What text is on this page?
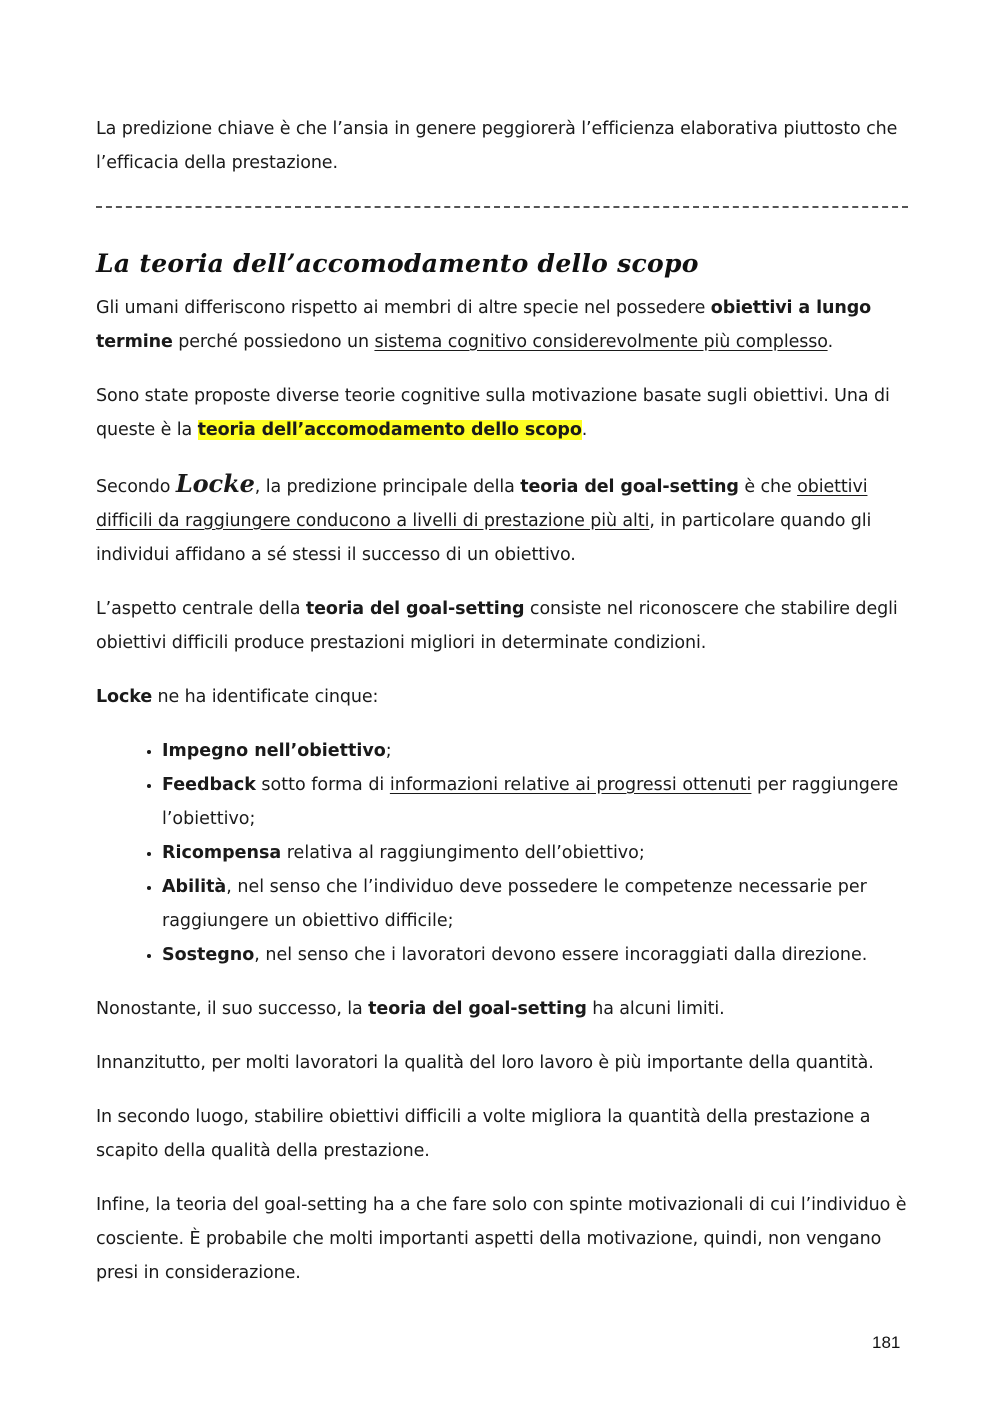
La predizione chiave è che l’ansia in genere peggiorerà l’efficienza elaborativa piuttosto che l’efficacia della prestazione.

La teoria dell’accomodamento dello scopo

Gli umani differiscono rispetto ai membri di altre specie nel possedere obiettivi a lungo termine perché possiedono un sistema cognitivo considerevolmente più complesso.

Sono state proposte diverse teorie cognitive sulla motivazione basate sugli obiettivi. Una di queste è la teoria dell’accomodamento dello scopo.

Secondo Locke, la predizione principale della teoria del goal-setting è che obiettivi difficili da raggiungere conducono a livelli di prestazione più alti, in particolare quando gli individui affidano a sé stessi il successo di un obiettivo.

L’aspetto centrale della teoria del goal-setting consiste nel riconoscere che stabilire degli obiettivi difficili produce prestazioni migliori in determinate condizioni.

Locke ne ha identificate cinque:

• Impegno nell’obiettivo;
• Feedback sotto forma di informazioni relative ai progressi ottenuti per raggiungere l’obiettivo;
• Ricompensa relativa al raggiungimento dell’obiettivo;
• Abilità, nel senso che l’individuo deve possedere le competenze necessarie per raggiungere un obiettivo difficile;
• Sostegno, nel senso che i lavoratori devono essere incoraggiati dalla direzione.

Nonostante, il suo successo, la teoria del goal-setting ha alcuni limiti.

Innanzitutto, per molti lavoratori la qualità del loro lavoro è più importante della quantità.

In secondo luogo, stabilire obiettivi difficili a volte migliora la quantità della prestazione a scapito della qualità della prestazione.

Infine, la teoria del goal-setting ha a che fare solo con spinte motivazionali di cui l’individuo è cosciente. È probabile che molti importanti aspetti della motivazione, quindi, non vengano presi in considerazione.

181
